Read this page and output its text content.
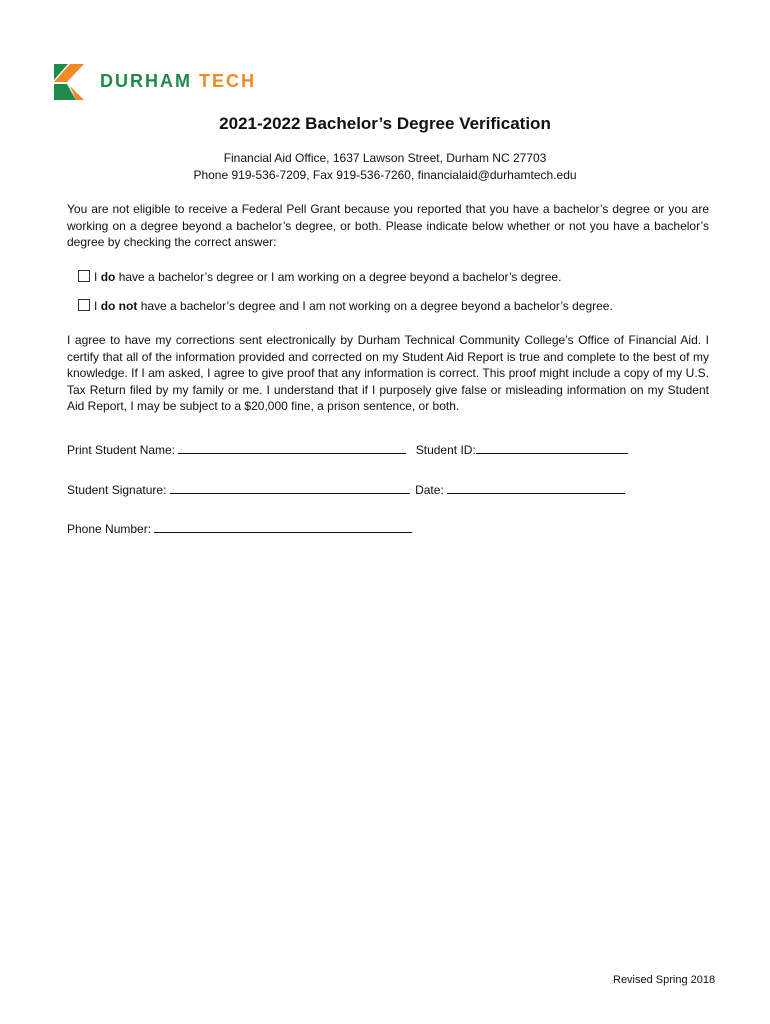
DURHAM TECH
2021-2022 Bachelor’s Degree Verification
Financial Aid Office, 1637 Lawson Street, Durham NC 27703
Phone 919-536-7209, Fax 919-536-7260, financialaid@durhamtech.edu

You are not eligible to receive a Federal Pell Grant because you reported that you have a bachelor’s degree or you are working on a degree beyond a bachelor’s degree, or both. Please indicate below whether or not you have a bachelor’s degree by checking the correct answer:

I do have a bachelor’s degree or I am working on a degree beyond a bachelor’s degree.
I do not have a bachelor’s degree and I am not working on a degree beyond a bachelor’s degree.

I agree to have my corrections sent electronically by Durham Technical Community College’s Office of Financial Aid. I certify that all of the information provided and corrected on my Student Aid Report is true and complete to the best of my knowledge. If I am asked, I agree to give proof that any information is correct. This proof might include a copy of my U.S. Tax Return filed by my family or me. I understand that if I purposely give false or misleading information on my Student Aid Report, I may be subject to a $20,000 fine, a prison sentence, or both.

Print Student Name:	Student ID:
Student Signature:	Date:
Phone Number:
Revised Spring 2018
